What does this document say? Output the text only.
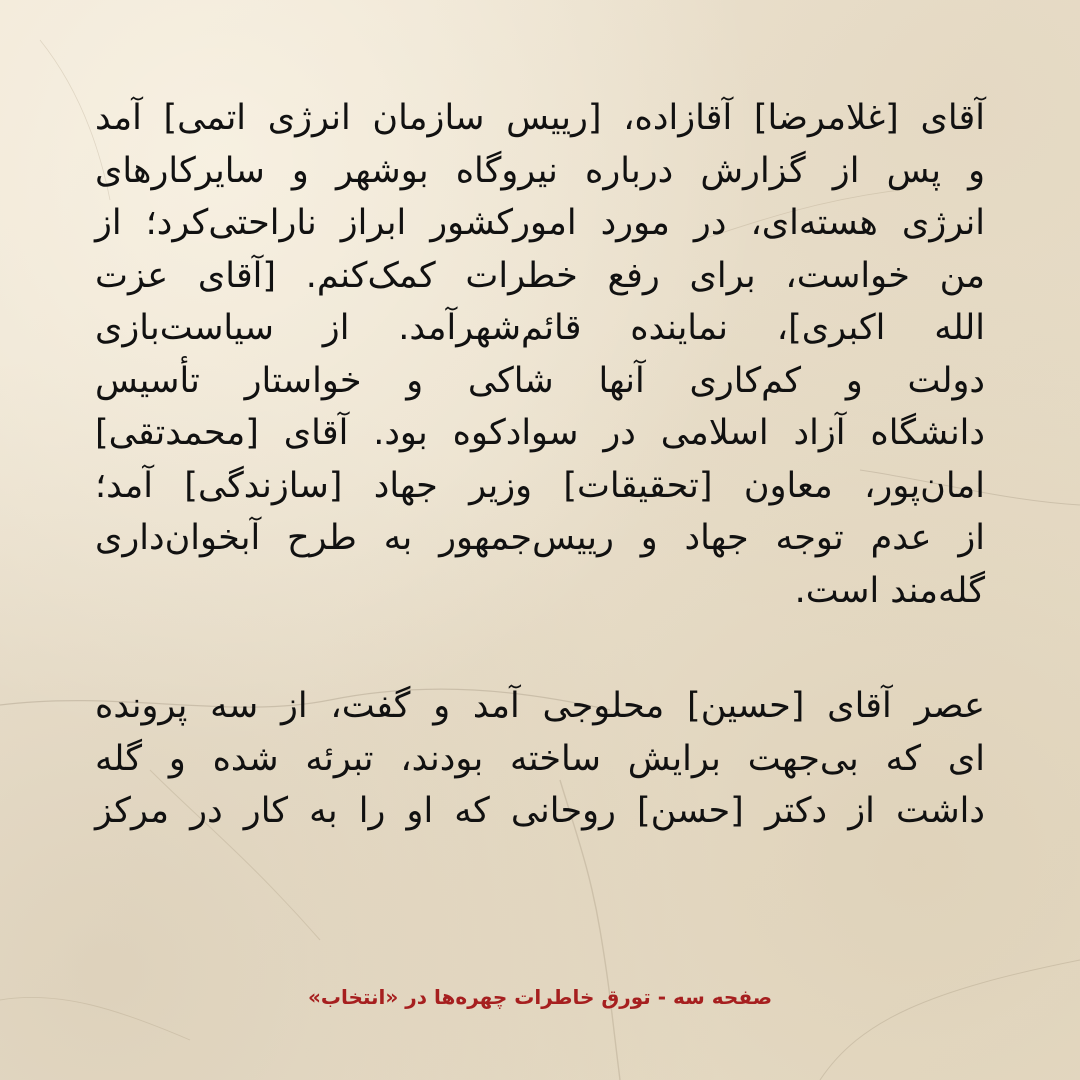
آقای [غلامرضا] آقازاده، [رییس سازمان انرژی اتمی] آمد
و پس از گزارش درباره نیروگاه بوشهر و سایرکارهای
انرژی هسته‌ای، در مورد امورکشور ابراز ناراحتی‌کرد؛ از
من خواست، برای رفع خطرات کمک‌کنم. [آقای عزت
الله اکبری]، نماینده قائم‌شهرآمد. از سیاست‌بازی
دولت و کم‌کاری آنها شاکی و خواستار تأسیس
دانشگاه آزاد اسلامی در سوادکوه بود. آقای [محمدتقی]
امان‌پور، معاون [تحقیقات] وزیر جهاد [سازندگی] آمد؛
از عدم توجه جهاد و رییس‌جمهور به طرح آبخوان‌داری
گله‌مند است.

عصر آقای [حسین] محلوجی آمد و گفت، از سه پرونده
ای که بی‌جهت برایش ساخته بودند، تبرئه شده و گله
داشت از دکتر [حسن] روحانی که او را به کار در مرکز

صفحه سه - تورق خاطرات چهره‌ها در «انتخاب»
